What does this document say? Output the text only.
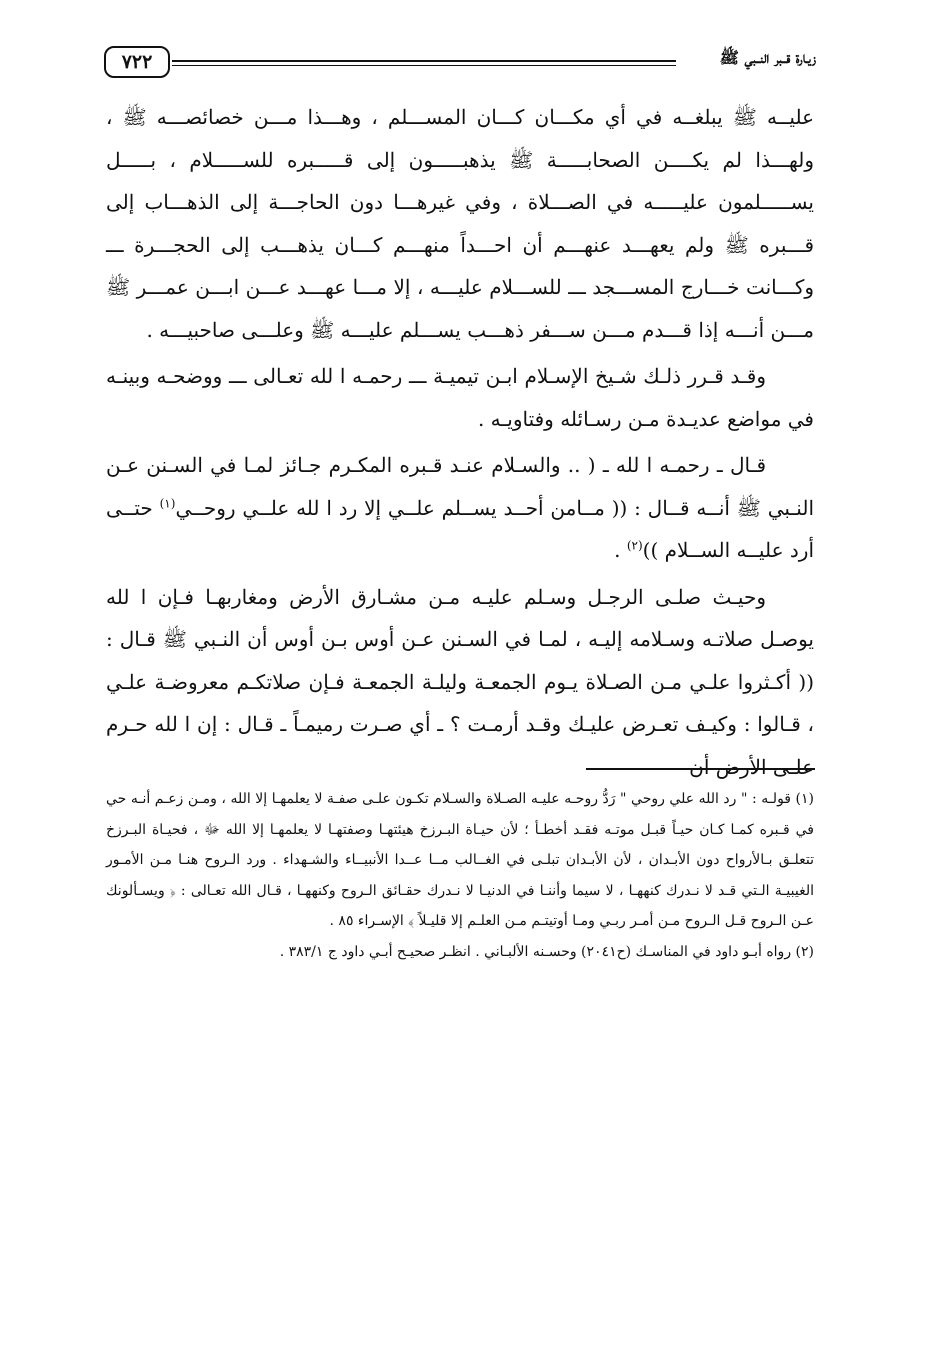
٧٢٢	زيـارة قــبر النــبي ﷺ

عليــه ﷺ يبلغــه في أي مكـــان كـــان المســـلم ، وهـــذا مـــن خصائصـــه ﷺ ، ولهـــذا لم يكــــن الصحابـــــة ﷺ يذهبـــــون إلى قـــــبره للســـــلام ، بـــــل يســـــلمون عليـــــه في الصـــلاة ، وفي غيرهـــا دون الحاجـــة إلى الذهـــاب إلى قـــبره ﷺ ولم يعهـــد عنهـــم أن احـــداً منهـــم كـــان يذهـــب إلى الحجـــرة ـــ وكـــانت خـــارج المســـجد ـــ للســـلام عليـــه ، إلا مـــا عهـــد عـــن ابـــن عمـــر ﷺ مـــن أنـــه إذا قـــدم مـــن ســـفر ذهـــب يســـلم عليـــه ﷺ وعلـــى صاحبيـــه .

وقـد قـرر ذلـك شـيخ الإسـلام ابـن تيميـة ـــ رحمـه ا لله تعـالى ـــ ووضحـه وبينـه في مواضع عديـدة مـن رسـائله وفتاويـه .

قـال ـ رحمـه ا لله ـ ( .. والسـلام عنـد قـبره المكـرم جـائز لمـا في السـنن عـن النـبي ﷺ أنــه قــال : (( مــامن أحــد يســلم علــي إلا رد ا لله علــي روحــي$^{(١)}$ حتــى أرد عليــه الســلام ))$^{(٢)}$ .

وحيـث صلـى الرجـل وسـلم عليـه مـن مشـارق الأرض ومغاربهـا فـإن ا لله يوصـل صلاتـه وسـلامه إليـه ، لمـا في السـنن عـن أوس بـن أوس أن النـبي ﷺ قـال : (( أكـثروا علـي مـن الصـلاة يـوم الجمعـة وليلـة الجمعـة فـإن صلاتكـم معروضـة علـي ، قـالوا : وكيـف تعـرض عليـك وقـد أرمـت ؟ ـ أي صـرت رميمـاً ـ قـال : إن ا لله حـرم علـى الأرض أن

(١) قولـه : " رد الله علي روحي " رَدُّ روحـه عليـه الصـلاة والسـلام تكـون علـى صفـة لا يعلمهـا إلا الله ، ومـن زعـم أنـه حي في قـبره كمـا كـان حيـاً قبـل موتـه فقـد أخطـأ ؛ لأن حيـاة البـرزخ هيئتهـا وصفتهـا لا يعلمهـا إلا الله ﷻ ، فحيـاة البـرزخ تتعلـق بـالأرواح دون الأبـدان ، لأن الأبـدان تبلـى في الغــالب مــا عــدا الأنبيــاء والشـهداء . ورد الـروح هنـا مـن الأمـور الغيبيـة الـتي قـد لا نـدرك كنههـا ، لا سيما وأننـا في الدنيـا لا نـدرك حقـائق الـروح وكنههـا ، قـال الله تعـالى : ﴿ ويسـألونك عـن الـروح قـل الـروح مـن أمـر ربـي ومـا أوتيتـم مـن العلـم إلا قليـلاً ﴾ الإسـراء ٨٥ .

(٢) رواه أبـو داود في المناسـك (ح٢٠٤١) وحسـنه الألبـاني . انظـر صحيـح أبـي داود ج ٣٨٣/١ .
